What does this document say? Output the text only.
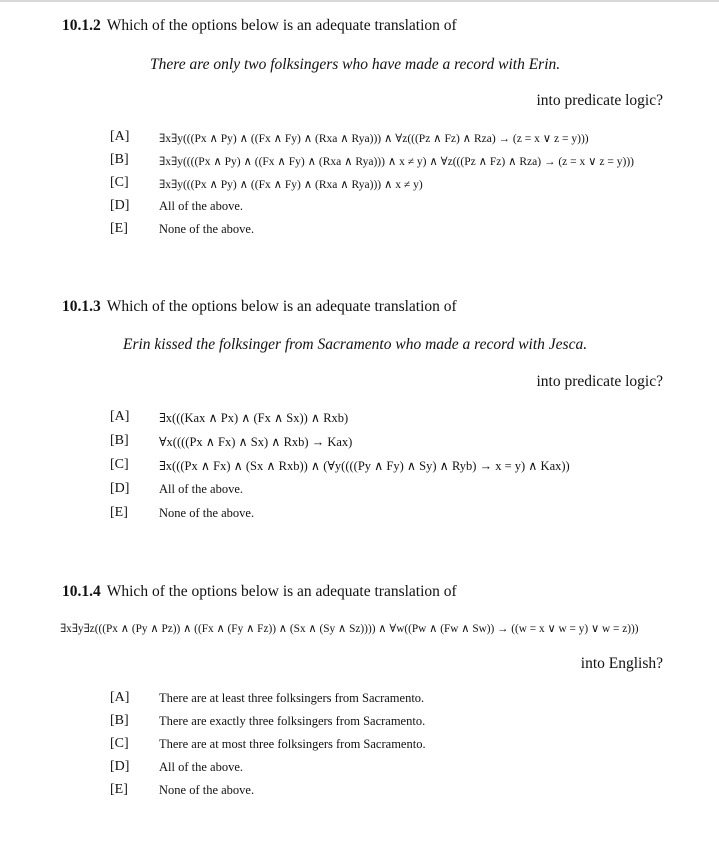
10.1.2 Which of the options below is an adequate translation of
There are only two folksingers who have made a record with Erin.
into predicate logic?
[A]	∃x∃y(((Px ∧ Py) ∧ ((Fx ∧ Fy) ∧ (Rxa ∧ Rya))) ∧ ∀z(((Pz ∧ Fz) ∧ Rza) → (z = x ∨ z = y)))
[B]	∃x∃y((((Px ∧ Py) ∧ ((Fx ∧ Fy) ∧ (Rxa ∧ Rya))) ∧ x ≠ y) ∧ ∀z(((Pz ∧ Fz) ∧ Rza) → (z = x ∨ z = y)))
[C]	∃x∃y(((Px ∧ Py) ∧ ((Fx ∧ Fy) ∧ (Rxa ∧ Rya))) ∧ x ≠ y)
[D] All of the above.
[E] None of the above.
10.1.3 Which of the options below is an adequate translation of
Erin kissed the folksinger from Sacramento who made a record with Jesca.
into predicate logic?
[A] ∃x(((Kax ∧ Px) ∧ (Fx ∧ Sx)) ∧ Rxb)
[B] ∀x((((Px ∧ Fx) ∧ Sx) ∧ Rxb) → Kax)
[C] ∃x(((Px ∧ Fx) ∧ (Sx ∧ Rxb)) ∧ (∀y((((Py ∧ Fy) ∧ Sy) ∧ Ryb) → x = y) ∧ Kax))
[D] All of the above.
[E] None of the above.
10.1.4 Which of the options below is an adequate translation of
∃x∃y∃z(((Px ∧ (Py ∧ Pz)) ∧ ((Fx ∧ (Fy ∧ Fz)) ∧ (Sx ∧ (Sy ∧ Sz)))) ∧ ∀w((Pw ∧ (Fw ∧ Sw)) → ((w = x ∨ w = y) ∨ w = z)))
into English?
[A] There are at least three folksingers from Sacramento.
[B] There are exactly three folksingers from Sacramento.
[C] There are at most three folksingers from Sacramento.
[D] All of the above.
[E] None of the above.
